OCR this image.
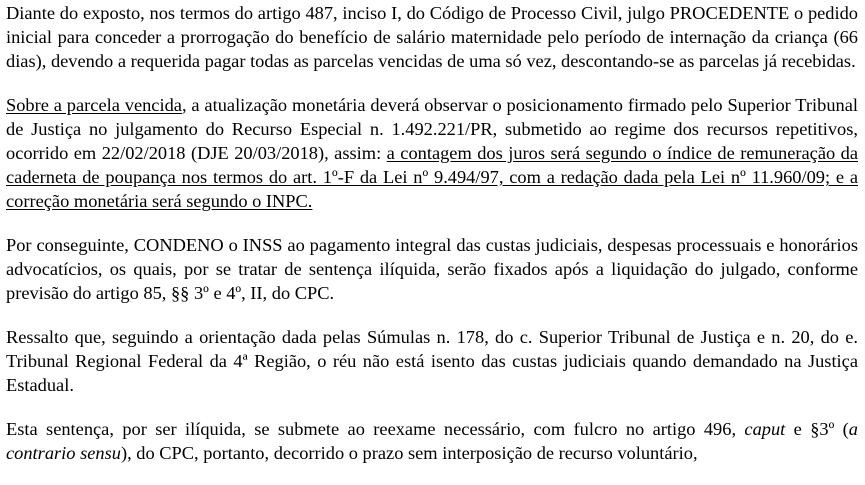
Diante do exposto, nos termos do artigo 487, inciso I, do Código de Processo Civil, julgo PROCEDENTE o pedido inicial para conceder a prorrogação do benefício de salário maternidade pelo período de internação da criança (66 dias), devendo a requerida pagar todas as parcelas vencidas de uma só vez, descontando-se as parcelas já recebidas.

Sobre a parcela vencida, a atualização monetária deverá observar o posicionamento firmado pelo Superior Tribunal de Justiça no julgamento do Recurso Especial n. 1.492.221/PR, submetido ao regime dos recursos repetitivos, ocorrido em 22/02/2018 (DJE 20/03/2018), assim: a contagem dos juros será segundo o índice de remuneração da caderneta de poupança nos termos do art. 1º-F da Lei nº 9.494/97, com a redação dada pela Lei nº 11.960/09; e a correção monetária será segundo o INPC.

Por conseguinte, CONDENO o INSS ao pagamento integral das custas judiciais, despesas processuais e honorários advocatícios, os quais, por se tratar de sentença ilíquida, serão fixados após a liquidação do julgado, conforme previsão do artigo 85, §§ 3º e 4º, II, do CPC.

Ressalto que, seguindo a orientação dada pelas Súmulas n. 178, do c. Superior Tribunal de Justiça e n. 20, do e. Tribunal Regional Federal da 4ª Região, o réu não está isento das custas judiciais quando demandado na Justiça Estadual.

Esta sentença, por ser ilíquida, se submete ao reexame necessário, com fulcro no artigo 496, caput e §3º (a contrario sensu), do CPC, portanto, decorrido o prazo sem interposição de recurso voluntário,
